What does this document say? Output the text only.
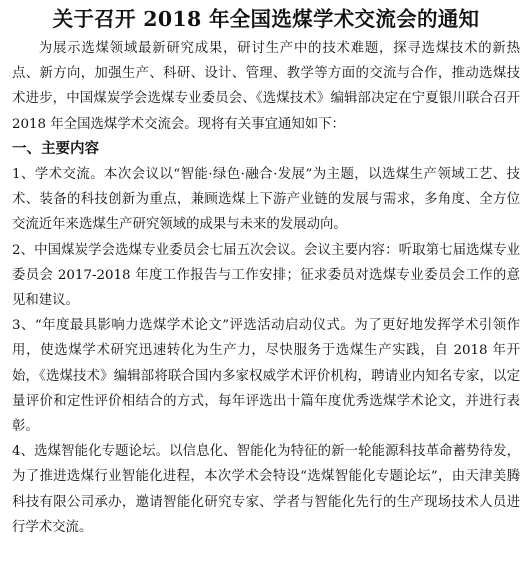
关于召开 2018 年全国选煤学术交流会的通知

为展示选煤领域最新研究成果，研讨生产中的技术难题，探寻选煤技术的新热点、新方向，加强生产、科研、设计、管理、教学等方面的交流与合作，推动选煤技术进步，中国煤炭学会选煤专业委员会、《选煤技术》编辑部决定在宁夏银川联合召开 2018 年全国选煤学术交流会。现将有关事宜通知如下：

一、主要内容

1、学术交流。本次会议以“智能·绿色·融合·发展”为主题，以选煤生产领域工艺、技术、装备的科技创新为重点，兼顾选煤上下游产业链的发展与需求，多角度、全方位交流近年来选煤生产研究领域的成果与未来的发展动向。

2、中国煤炭学会选煤专业委员会七届五次会议。会议主要内容：听取第七届选煤专业委员会 2017-2018 年度工作报告与工作安排；征求委员对选煤专业委员会工作的意见和建议。

3、“年度最具影响力选煤学术论文”评选活动启动仪式。为了更好地发挥学术引领作用，使选煤学术研究迅速转化为生产力，尽快服务于选煤生产实践，自 2018 年开始，《选煤技术》编辑部将联合国内多家权威学术评价机构，聘请业内知名专家，以定量评价和定性评价相结合的方式，每年评选出十篇年度优秀选煤学术论文，并进行表彰。

4、选煤智能化专题论坛。以信息化、智能化为特征的新一轮能源科技革命蓄势待发，为了推进选煤行业智能化进程，本次学术会特设“选煤智能化专题论坛”，由天津美腾科技有限公司承办，邀请智能化研究专家、学者与智能化先行的生产现场技术人员进行学术交流。
